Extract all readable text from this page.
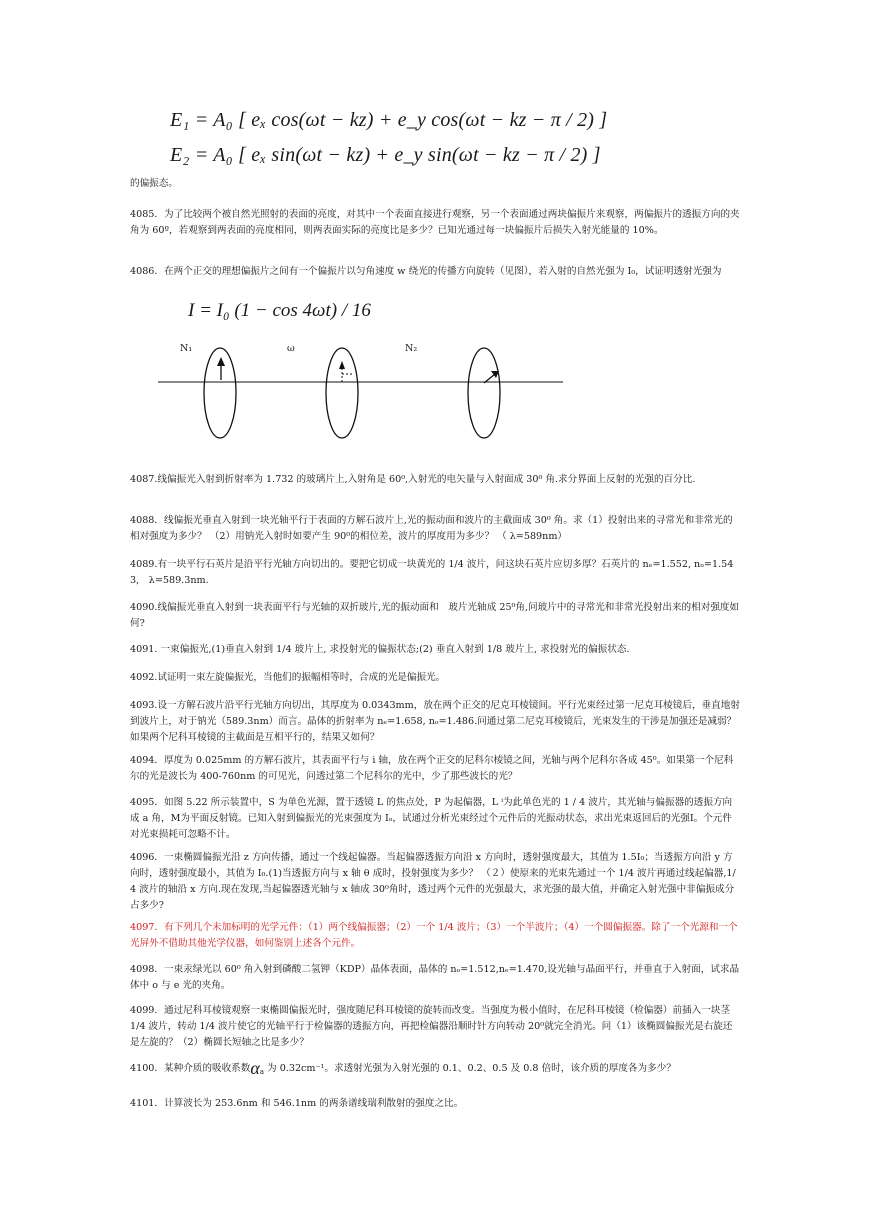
E₁ = A₀ [ eₓ cos(ωt − kz) + e_y cos(ωt − kz − π / 2) ]
E₂ = A₀ [ eₓ sin(ωt − kz) + e_y sin(ωt − kz − π / 2) ]
的偏振态。
4085．为了比较两个被自然光照射的表面的亮度，对其中一个表面直接进行观察，另一个表面通过两块偏振片来观察，两偏振片的透振方向的夹角为 60º，若观察到两表面的亮度相同，则两表面实际的亮度比是多少？已知光通过每一块偏振片后损失入射光能量的 10%。
4086．在两个正交的理想偏振片之间有一个偏振片以匀角速度 w 绕光的传播方向旋转（见图），若入射的自然光强为 I₀，试证明透射光强为
I = I₀ (1 − cos 4ωt) / 16
N₁	ω	N₂
4087.线偏振光入射到折射率为 1.732 的玻璃片上,入射角是 60⁰,入射光的电矢量与入射面成 30⁰ 角.求分界面上反射的光强的百分比.
4088．线偏振光垂直入射到一块光轴平行于表面的方解石波片上,光的振动面和波片的主截面成 30⁰ 角。求（1）投射出来的寻常光和非常光的相对强度为多少？ （2）用钠光入射时如要产生 90⁰的相位差，波片的厚度用为多少？ （ λ=589nm）
4089.有一块平行石英片是沿平行光轴方向切出的。要把它切成一块黄光的 1/4 波片，问这块石英片应切多厚？石英片的 nₑ=1.552, nₒ=1.543,　λ=589.3nm.
4090.线偏振光垂直入射到一块表面平行与光轴的双折玻片,光的振动面和　玻片光轴成 25⁰角,问玻片中的寻常光和非常光投射出来的相对强度如何?
4091. 一束偏振光,(1)垂直入射到 1/4 玻片上, 求投射光的偏振状态;(2) 垂直入射到 1/8 玻片上, 求投射光的偏振状态.
4092.试证明一束左旋偏振光，当他们的振幅相等时，合成的光是偏振光。
4093.设一方解石波片沿平行光轴方向切出，其厚度为 0.0343mm，放在两个正交的尼克耳棱镜间。平行光束经过第一尼克耳棱镜后，垂直地射到波片上，对于钠光（589.3nm）而言。晶体的折射率为 nₑ=1.658, nₒ=1.486.问通过第二尼克耳棱镜后，光束发生的干涉是加强还是减弱？如果两个尼科耳棱镜的主截面是互相平行的，结果又如何？
4094．厚度为 0.025mm 的方解石波片，其表面平行与 i 轴，放在两个正交的尼科尔棱镜之间，光轴与两个尼科尔各成 45⁰。如果第一个尼科尔的光是波长为 400-760nm 的可见光，问透过第二个尼科尔的光中，少了那些波长的光？
4095．如图 5.22 所示装置中，S 为单色光源，置于透镜 L 的焦点处，P 为起偏器，L ⁱ为此单色光的 1 / 4 波片，其光轴与偏振器的透振方向成 a 角，M为平面反射镜。已知入射到偏振光的光束强度为 Iₒ，试通过分析光束经过个元件后的光振动状态，求出光束返回后的光强Ⅰ。个元件对光束损耗可忽略不计。
4096．一束椭圆偏振光沿 z 方向传播，通过一个线起偏器。当起偏器透振方向沿 x 方向时，透射强度最大，其值为 1.5I₀；当透振方向沿 y 方向时，透射强度最小，其值为 I₀.(1)当透振方向与 x 轴 θ 成时，投射强度为多少？ （２）使原来的光束先通过一个 1/4 波片再通过线起偏器,1/4 波片的轴沿 x 方向.现在发现,当起偏器透光轴与 x 轴成 30⁰角时，透过两个元件的光强最大，求光强的最大值，并确定入射光强中非偏振成分占多少?
4097．有下列几个未加标明的光学元件：（1）两个线偏振器；（2）一个 1/4 波片；（3）一个半波片；（4）一个圆偏振器。除了一个光源和一个光屏外不借助其他光学仪器，如何鉴别上述各个元件。
4098．一束汞绿光以 60⁰ 角入射到磷酸二氢钾（KDP）晶体表面，晶体的 nₒ=1.512,nₑ=1.470,设光轴与晶面平行，并垂直于入射面，试求晶体中 o 与 e 光的夹角。
4099．通过尼科耳棱镜观察一束椭圆偏振光时，强度随尼科耳棱镜的旋转而改变。当强度为极小值时，在尼科耳棱镜（检偏器）前插入一块茎 1/4 波片，转动 1/4 波片使它的光轴平行于检偏器的透振方向，再把检偏器沿顺时针方向转动 20⁰就完全消光。问（1）该椭圆偏振光是右旋还是左旋的？（2）椭圆长短轴之比是多少？
4100．某种介质的吸收系数$\alpha_a$ 为 0.32cm⁻¹。求透射光强为入射光强的 0.1、0.2、0.5 及 0.8 倍时，该介质的厚度各为多少？
4101．计算波长为 253.6nm 和 546.1nm 的两条谱线瑞利散射的强度之比。
